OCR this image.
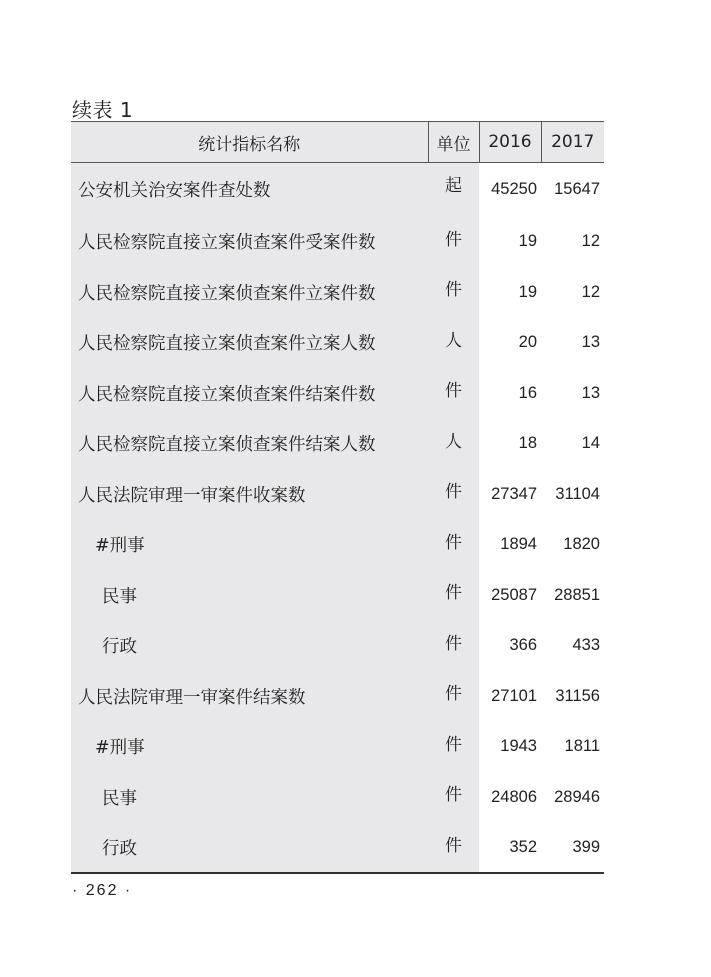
续表 1
统计指标名称	单位	2016	2017
公安机关治安案件查处数	起	45250	15647
人民检察院直接立案侦查案件受案件数	件	19	12
人民检察院直接立案侦查案件立案件数	件	19	12
人民检察院直接立案侦查案件立案人数	人	20	13
人民检察院直接立案侦查案件结案件数	件	16	13
人民检察院直接立案侦查案件结案人数	人	18	14
人民法院审理一审案件收案数	件	27347	31104
#刑事	件	1894	1820
民事	件	25087	28851
行政	件	366	433
人民法院审理一审案件结案数	件	27101	31156
#刑事	件	1943	1811
民事	件	24806	28946
行政	件	352	399
· 262 ·
